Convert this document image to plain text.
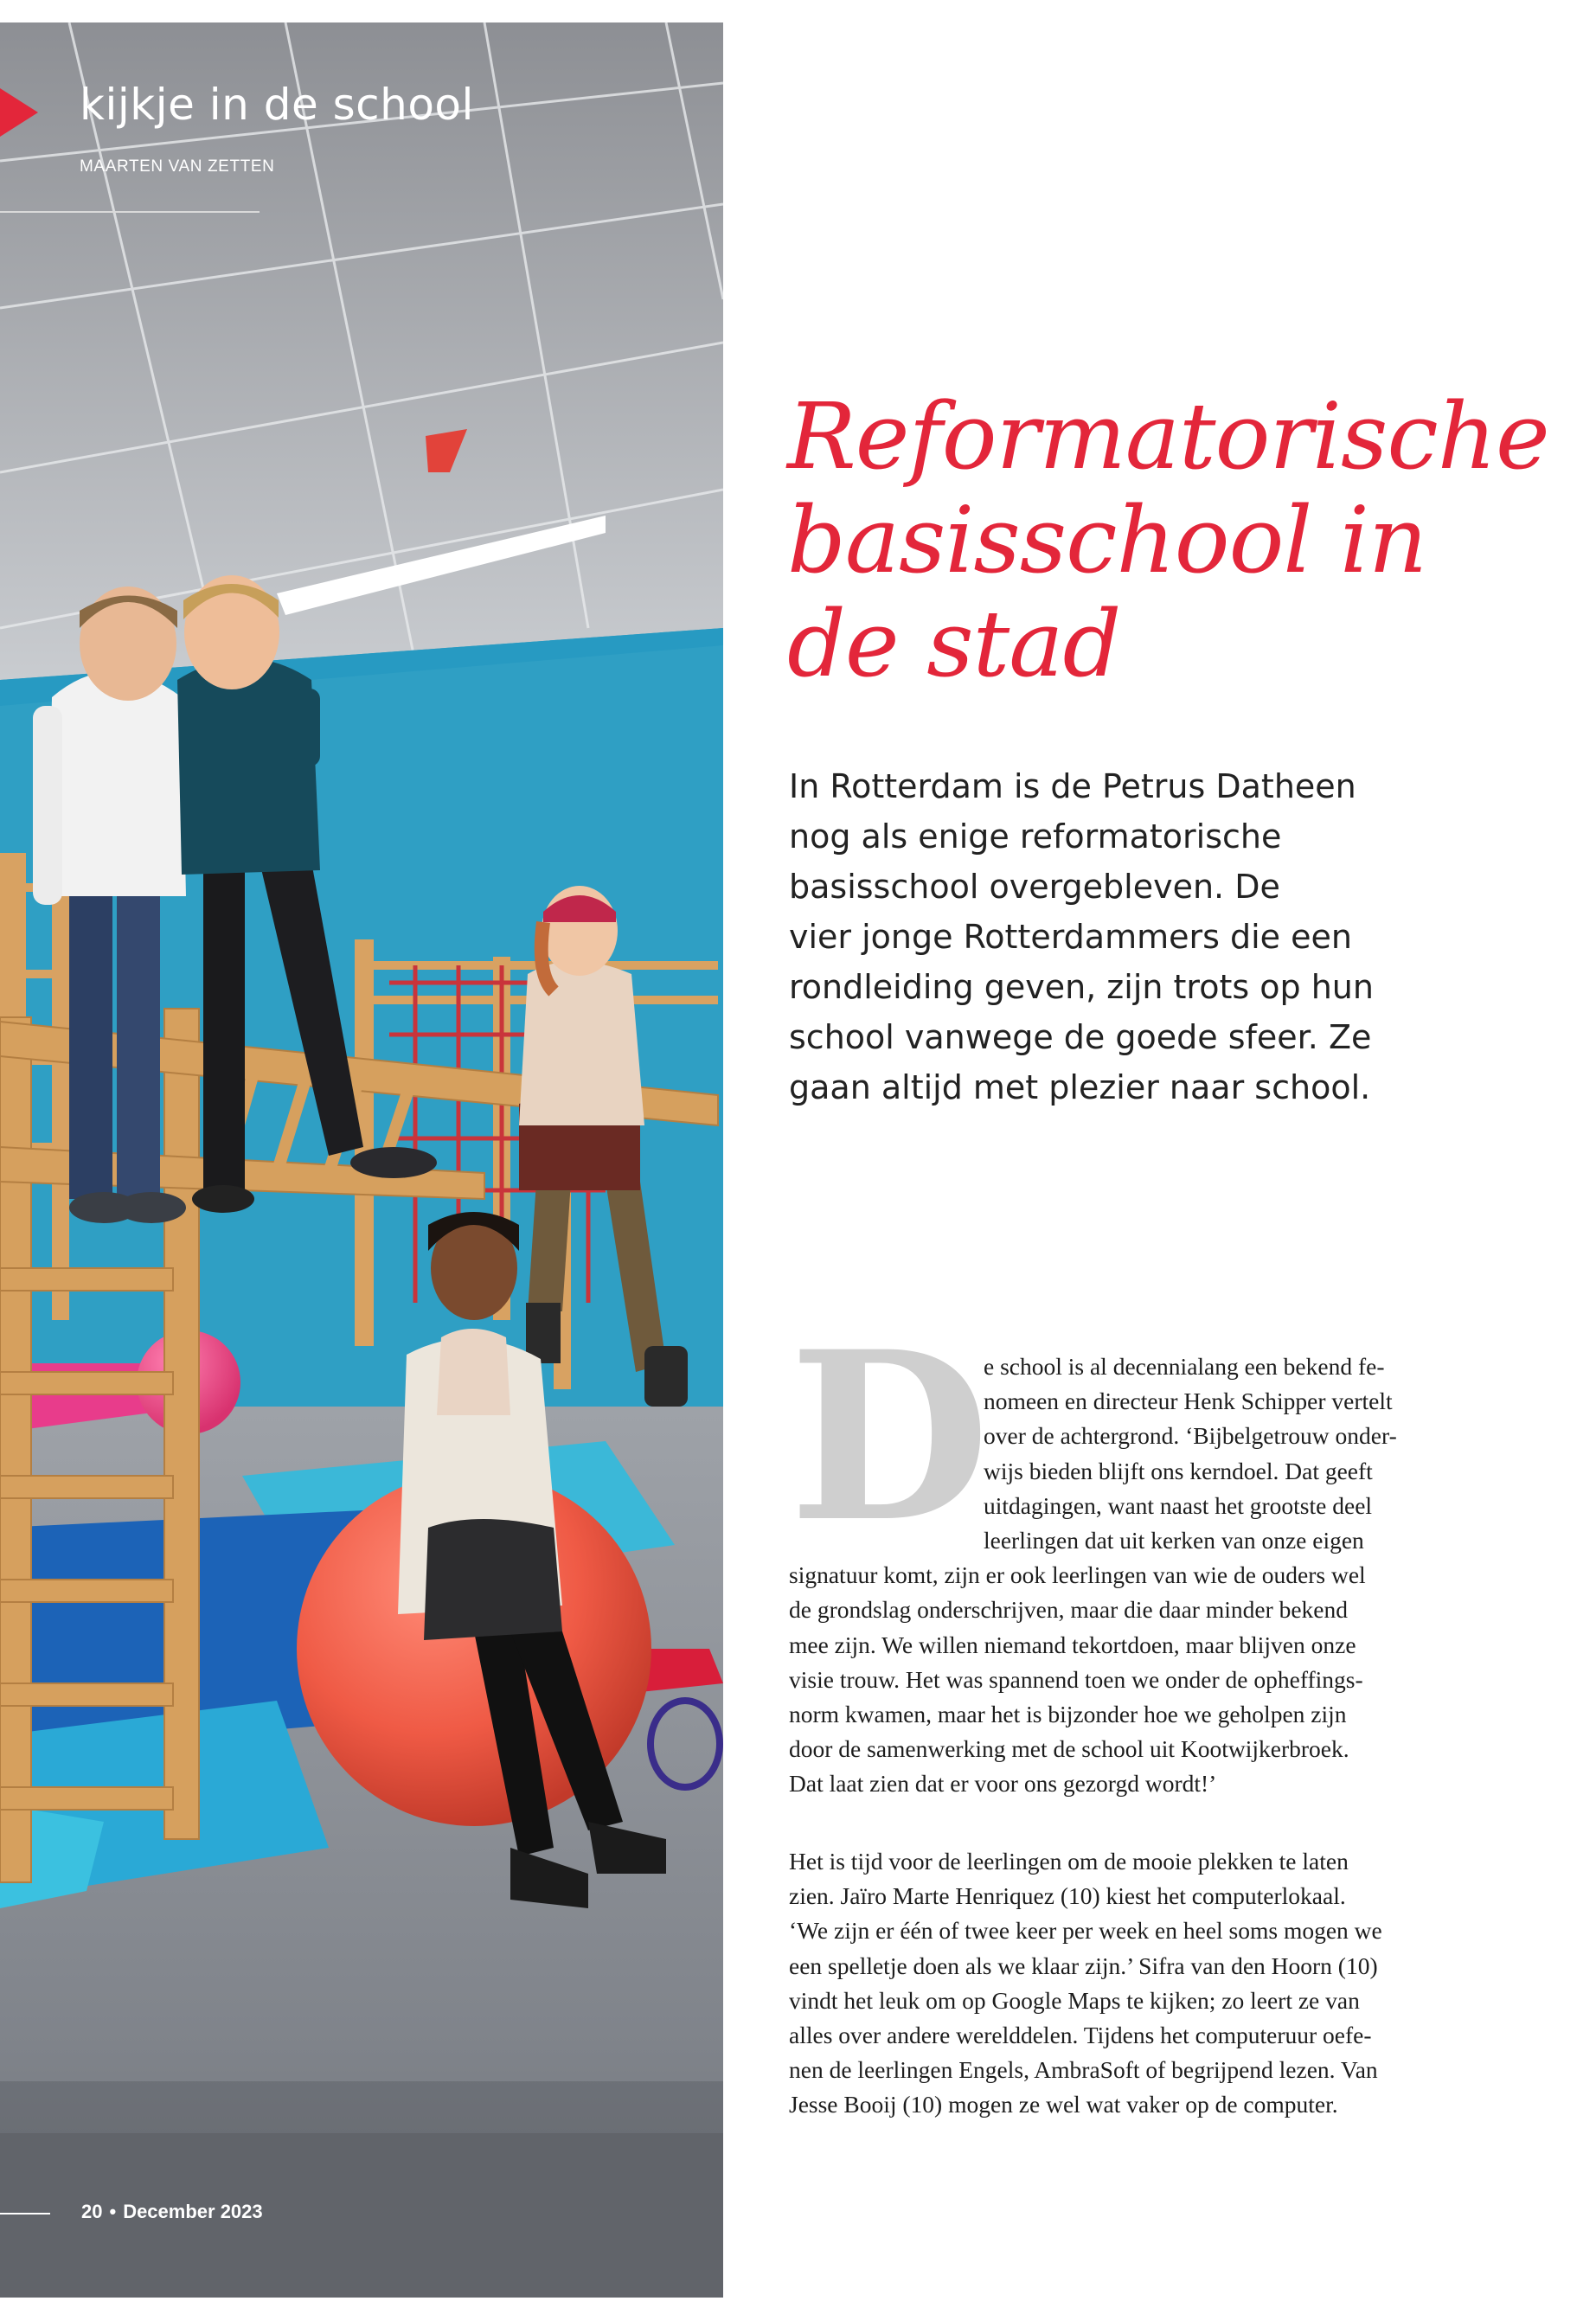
kijkje in de school
MAARTEN VAN ZETTEN
20 • December 2023
Reformatorische
basisschool in
de stad
In Rotterdam is de Petrus Datheen
nog als enige reformatorische
basisschool overgebleven. De
vier jonge Rotterdammers die een
rondleiding geven, zijn trots op hun
school vanwege de goede sfeer. Ze
gaan altijd met plezier naar school.
D
e school is al decennialang een bekend fe-
nomeen en directeur Henk Schipper vertelt
over de achtergrond. ‘Bijbelgetrouw onder-
wijs bieden blijft ons kerndoel. Dat geeft
uitdagingen, want naast het grootste deel
leerlingen dat uit kerken van onze eigen
signatuur komt, zijn er ook leerlingen van wie de ouders wel
de grondslag onderschrijven, maar die daar minder bekend
mee zijn. We willen niemand tekortdoen, maar blijven onze
visie trouw. Het was spannend toen we onder de opheffings-
norm kwamen, maar het is bijzonder hoe we geholpen zijn
door de samenwerking met de school uit Kootwijkerbroek.
Dat laat zien dat er voor ons gezorgd wordt!’
Het is tijd voor de leerlingen om de mooie plekken te laten
zien. Jaïro Marte Henriquez (10) kiest het computerlokaal.
‘We zijn er één of twee keer per week en heel soms mogen we
een spelletje doen als we klaar zijn.’ Sifra van den Hoorn (10)
vindt het leuk om op Google Maps te kijken; zo leert ze van
alles over andere werelddelen. Tijdens het computeruur oefe-
nen de leerlingen Engels, AmbraSoft of begrijpend lezen. Van
Jesse Booij (10) mogen ze wel wat vaker op de computer.
